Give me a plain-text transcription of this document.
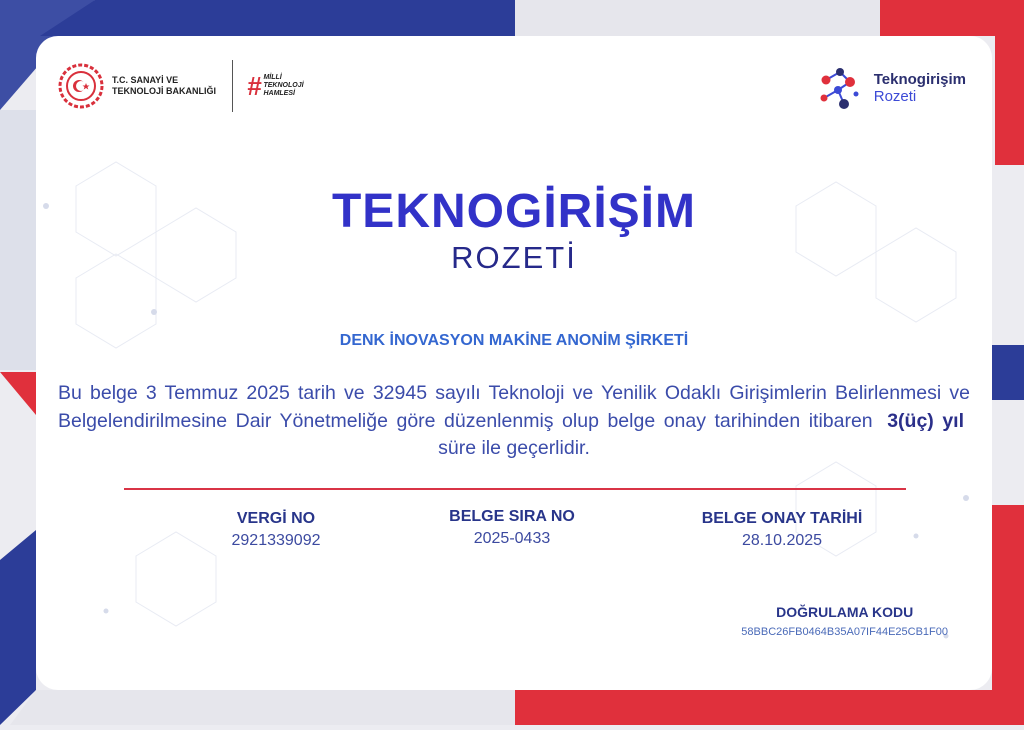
T.C. SANAYİ VE TEKNOLOJİ BAKANLIĞI	# MİLLİ TEKNOLOJİ HAMLESİ
Teknogirişim
Rozeti
TEKNOGİRİŞİM
ROZETİ
DENK İNOVASYON MAKİNE ANONİM ŞİRKETİ
Bu belge 3 Temmuz 2025 tarih ve 32945 sayılı Teknoloji ve Yenilik Odaklı Girişimlerin Belirlenmesi ve Belgelendirilmesine Dair Yönetmeliğe göre düzenlenmiş olup belge onay tarihinden itibaren 3(üç) yıl süre ile geçerlidir.
VERGİ NO
2921339092
BELGE SIRA NO
2025-0433
BELGE ONAY TARİHİ
28.10.2025
DOĞRULAMA KODU
58BBC26FB0464B35A07IF44E25CB1F00
